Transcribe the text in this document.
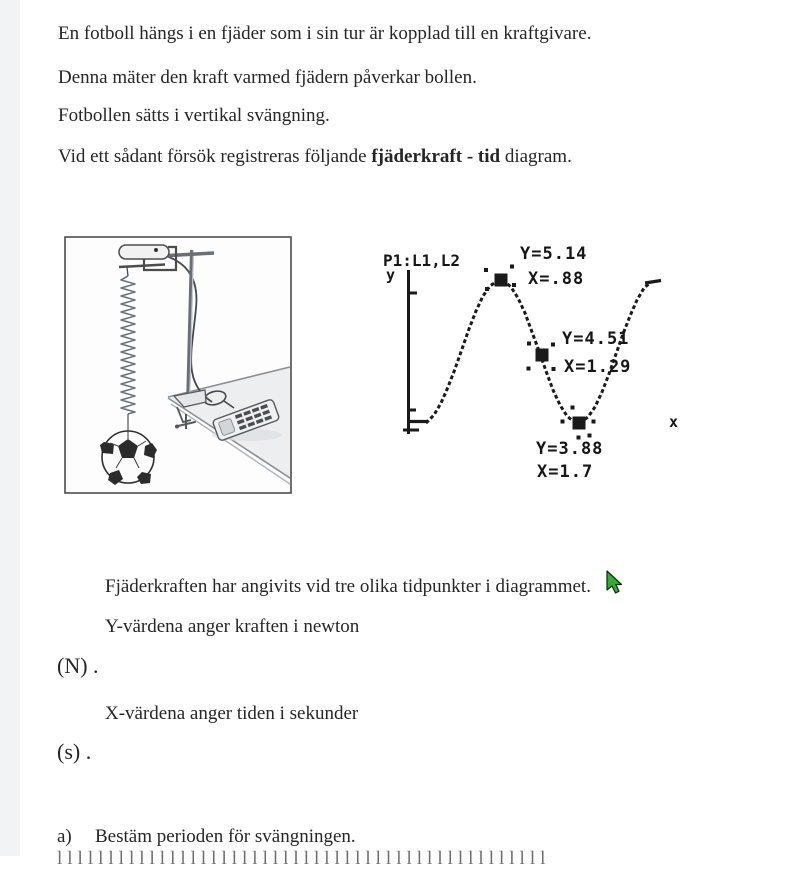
En fotboll hängs i en fjäder som i sin tur är kopplad till en kraftgivare.

Denna mäter den kraft varmed fjädern påverkar bollen.

Fotbollen sätts i vertikal svängning.

Vid ett sådant försök registreras följande fjäderkraft - tid diagram.

P1:L1,L2
y
x
Y=5.14
X=.88
Y=4.51
X=1.29
Y=3.88
X=1.7

Fjäderkraften har angivits vid tre olika tidpunkter i diagrammet.

Y-värdena anger kraften i newton

(N) .

X-värdena anger tiden i sekunder

(s) .

a) Bestäm perioden för svängningen.

llllllllllllllllllllllllllllllllllllllllllllllll
